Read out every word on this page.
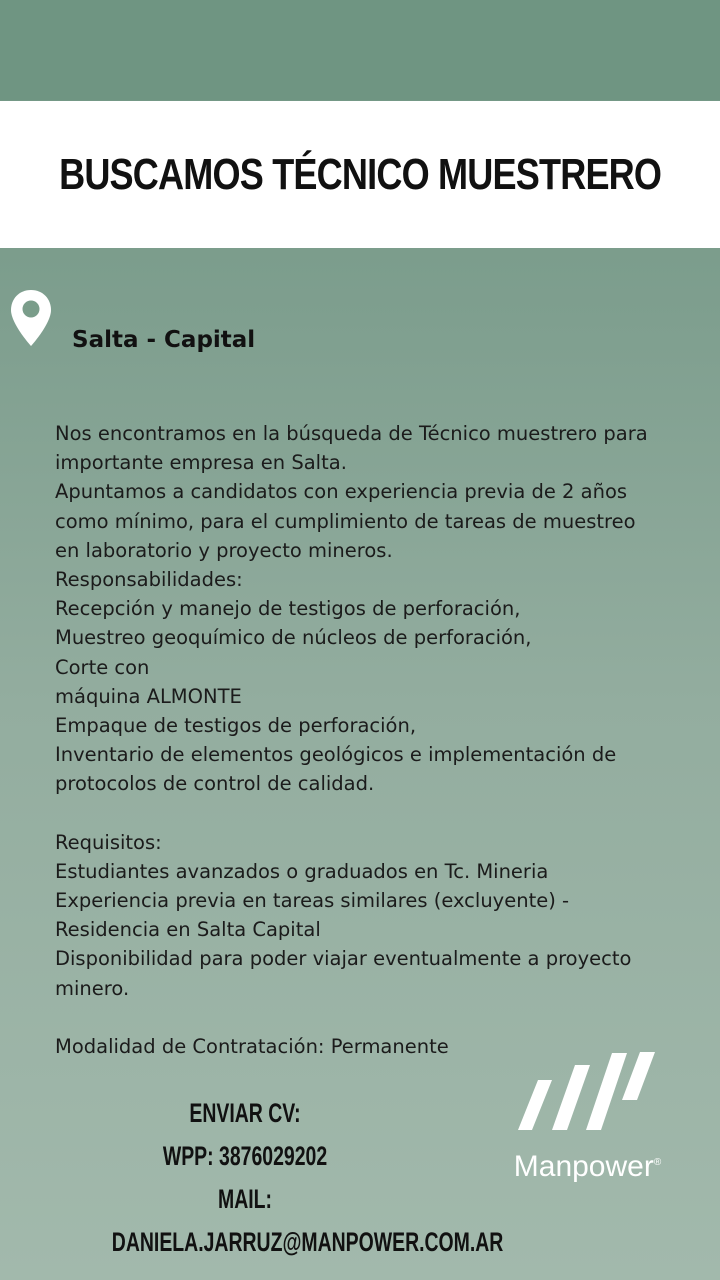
BUSCAMOS TÉCNICO MUESTRERO
Salta - Capital
Nos encontramos en la búsqueda de Técnico muestrero para
importante empresa en Salta.
Apuntamos a candidatos con experiencia previa de 2 años
como mínimo, para el cumplimiento de tareas de muestreo
en laboratorio y proyecto mineros.
Responsabilidades:
Recepción y manejo de testigos de perforación,
Muestreo geoquímico de núcleos de perforación,
Corte con
máquina ALMONTE
Empaque de testigos de perforación,
Inventario de elementos geológicos e implementación de
protocolos de control de calidad.
Requisitos:
Estudiantes avanzados o graduados en Tc. Mineria
Experiencia previa en tareas similares (excluyente) -
Residencia en Salta Capital
Disponibilidad para poder viajar eventualmente a proyecto
minero.
Modalidad de Contratación: Permanente
ENVIAR CV:
WPP: 3876029202
MAIL:
DANIELA.JARRUZ@MANPOWER.COM.AR
Manpower®
